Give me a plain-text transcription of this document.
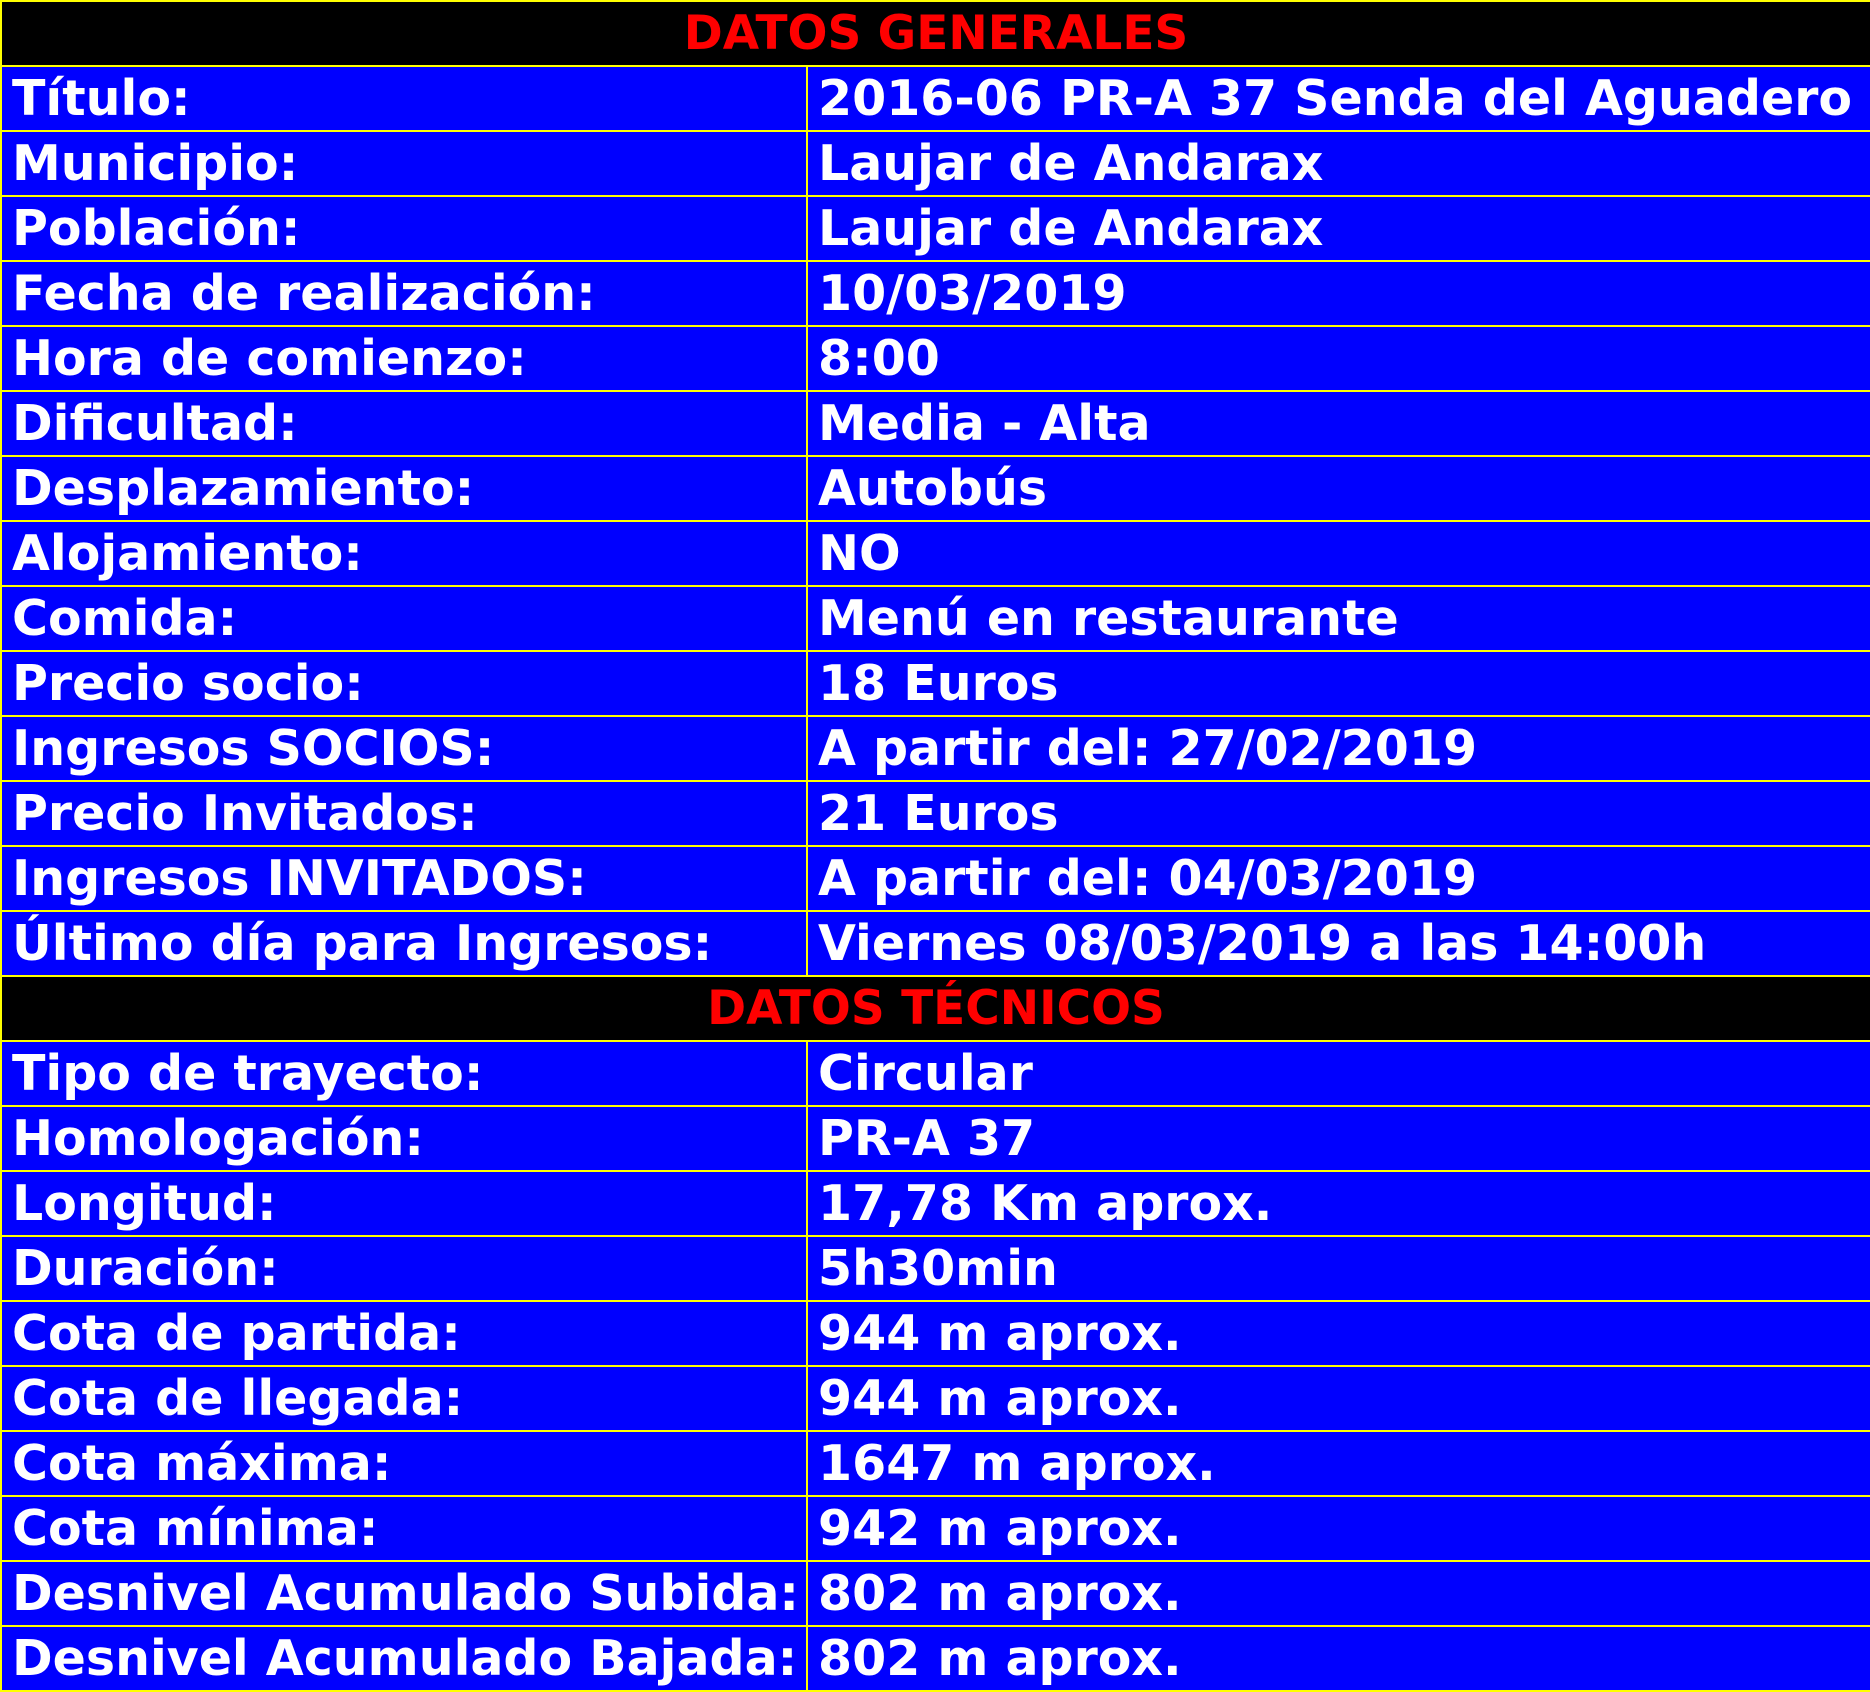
DATOS GENERALES	
Título:	2016-06 PR-A 37 Senda del Aguadero
Municipio:	Laujar de Andarax
Población:	Laujar de Andarax
Fecha de realización:	10/03/2019
Hora de comienzo:	8:00
Dificultad:	Media - Alta
Desplazamiento:	Autobús
Alojamiento:	NO
Comida:	Menú en restaurante
Precio socio:	18 Euros
Ingresos SOCIOS:	A partir del: 27/02/2019
Precio Invitados:	21 Euros
Ingresos INVITADOS:	A partir del: 04/03/2019
Último día para Ingresos:	Viernes 08/03/2019 a las 14:00h
DATOS TÉCNICOS	
Tipo de trayecto:	Circular
Homologación:	PR-A 37
Longitud:	17,78 Km aprox.
Duración:	5h30min
Cota de partida:	944 m aprox.
Cota de llegada:	944 m aprox.
Cota máxima:	1647 m aprox.
Cota mínima:	942 m aprox.
Desnivel Acumulado Subida:	802 m aprox.
Desnivel Acumulado Bajada:	802 m aprox.
